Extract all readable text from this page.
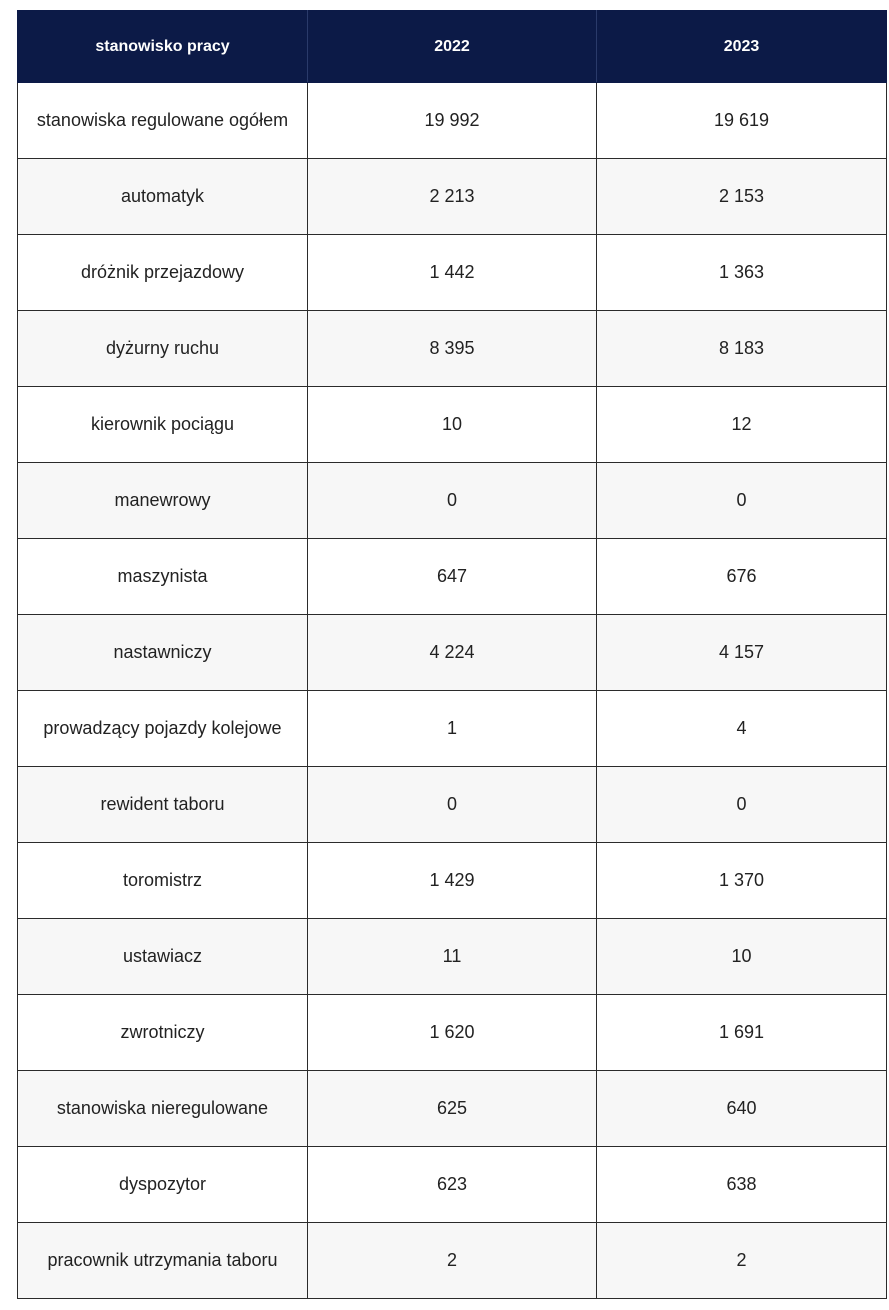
stanowisko pracy	2022	2023
stanowiska regulowane ogółem	19 992	19 619
automatyk	2 213	2 153
dróżnik przejazdowy	1 442	1 363
dyżurny ruchu	8 395	8 183
kierownik pociągu	10	12
manewrowy	0	0
maszynista	647	676
nastawniczy	4 224	4 157
prowadzący pojazdy kolejowe	1	4
rewident taboru	0	0
toromistrz	1 429	1 370
ustawiacz	11	10
zwrotniczy	1 620	1 691
stanowiska nieregulowane	625	640
dyspozytor	623	638
pracownik utrzymania taboru	2	2
